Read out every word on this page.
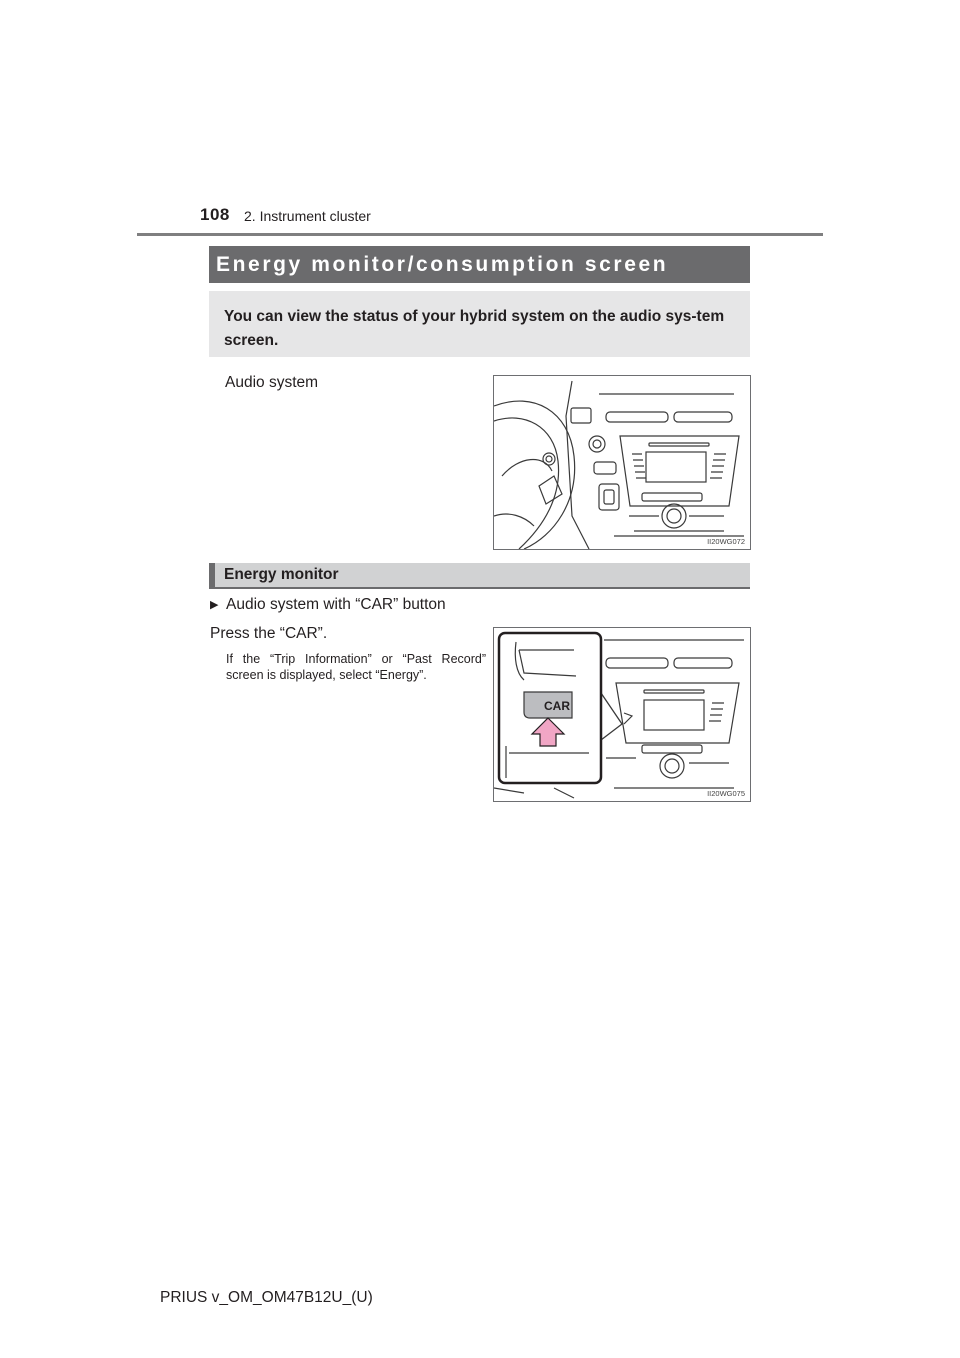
108 2. Instrument cluster
Energy monitor/consumption screen
You can view the status of your hybrid system on the audio sys-tem screen.
Audio system
II20WG072
Energy monitor
▶ Audio system with “CAR” button
Press the “CAR”.
If the “Trip Information” or “Past Record” screen is displayed, select “Energy”.
CAR
II20WG075
PRIUS v_OM_OM47B12U_(U)
